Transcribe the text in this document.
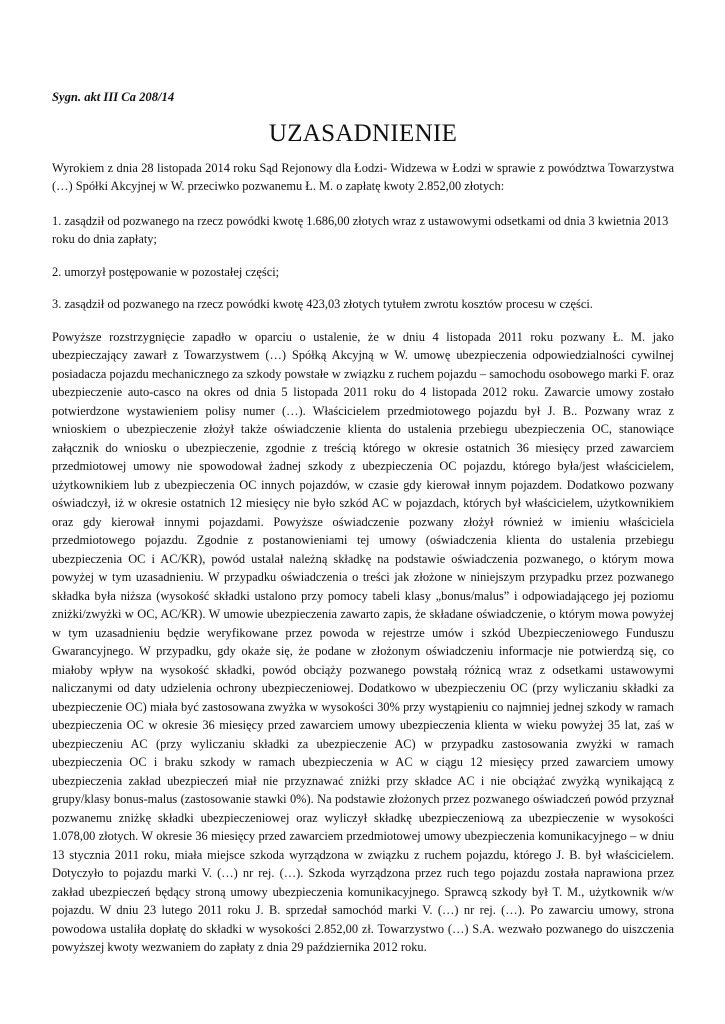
Sygn. akt III Ca 208/14
UZASADNIENIE

Wyrokiem z dnia 28 listopada 2014 roku Sąd Rejonowy dla Łodzi- Widzewa w Łodzi w sprawie z powództwa Towarzystwa (…) Spółki Akcyjnej w W. przeciwko pozwanemu Ł. M. o zapłatę kwoty 2.852,00 złotych:

1. zasądził od pozwanego na rzecz powódki kwotę 1.686,00 złotych wraz z ustawowymi odsetkami od dnia 3 kwietnia 2013 roku do dnia zapłaty;

2. umorzył postępowanie w pozostałej części;

3. zasądził od pozwanego na rzecz powódki kwotę 423,03 złotych tytułem zwrotu kosztów procesu w części.

Powyższe rozstrzygnięcie zapadło w oparciu o ustalenie, że w dniu 4 listopada 2011 roku pozwany Ł. M. jako ubezpieczający zawarł z Towarzystwem (…) Spółką Akcyjną w W. umowę ubezpieczenia odpowiedzialności cywilnej posiadacza pojazdu mechanicznego za szkody powstałe w związku z ruchem pojazdu – samochodu osobowego marki F. oraz ubezpieczenie auto-casco na okres od dnia 5 listopada 2011 roku do 4 listopada 2012 roku. Zawarcie umowy zostało potwierdzone wystawieniem polisy numer (…). Właścicielem przedmiotowego pojazdu był J. B.. Pozwany wraz z wnioskiem o ubezpieczenie złożył także oświadczenie klienta do ustalenia przebiegu ubezpieczenia OC, stanowiące załącznik do wniosku o ubezpieczenie, zgodnie z treścią którego w okresie ostatnich 36 miesięcy przed zawarciem przedmiotowej umowy nie spowodował żadnej szkody z ubezpieczenia OC pojazdu, którego była/jest właścicielem, użytkownikiem lub z ubezpieczenia OC innych pojazdów, w czasie gdy kierował innym pojazdem. Dodatkowo pozwany oświadczył, iż w okresie ostatnich 12 miesięcy nie było szkód AC w pojazdach, których był właścicielem, użytkownikiem oraz gdy kierował innymi pojazdami. Powyższe oświadczenie pozwany złożył również w imieniu właściciela przedmiotowego pojazdu. Zgodnie z postanowieniami tej umowy (oświadczenia klienta do ustalenia przebiegu ubezpieczenia OC i AC/KR), powód ustalał należną składkę na podstawie oświadczenia pozwanego, o którym mowa powyżej w tym uzasadnieniu. W przypadku oświadczenia o treści jak złożone w niniejszym przypadku przez pozwanego składka była niższa (wysokość składki ustalono przy pomocy tabeli klasy „bonus/malus” i odpowiadającego jej poziomu zniżki/zwyżki w OC, AC/KR). W umowie ubezpieczenia zawarto zapis, że składane oświadczenie, o którym mowa powyżej w tym uzasadnieniu będzie weryfikowane przez powoda w rejestrze umów i szkód Ubezpieczeniowego Funduszu Gwarancyjnego. W przypadku, gdy okaże się, że podane w złożonym oświadczeniu informacje nie potwierdzą się, co miałoby wpływ na wysokość składki, powód obciąży pozwanego powstałą różnicą wraz z odsetkami ustawowymi naliczanymi od daty udzielenia ochrony ubezpieczeniowej. Dodatkowo w ubezpieczeniu OC (przy wyliczaniu składki za ubezpieczenie OC) miała być zastosowana zwyżka w wysokości 30% przy wystąpieniu co najmniej jednej szkody w ramach ubezpieczenia OC w okresie 36 miesięcy przed zawarciem umowy ubezpieczenia klienta w wieku powyżej 35 lat, zaś w ubezpieczeniu AC (przy wyliczaniu składki za ubezpieczenie AC) w przypadku zastosowania zwyżki w ramach ubezpieczenia OC i braku szkody w ramach ubezpieczenia w AC w ciągu 12 miesięcy przed zawarciem umowy ubezpieczenia zakład ubezpieczeń miał nie przyznawać zniżki przy składce AC i nie obciążać zwyżką wynikającą z grupy/klasy bonus-malus (zastosowanie stawki 0%). Na podstawie złożonych przez pozwanego oświadczeń powód przyznał pozwanemu zniżkę składki ubezpieczeniowej oraz wyliczył składkę ubezpieczeniową za ubezpieczenie w wysokości 1.078,00 złotych. W okresie 36 miesięcy przed zawarciem przedmiotowej umowy ubezpieczenia komunikacyjnego – w dniu 13 stycznia 2011 roku, miała miejsce szkoda wyrządzona w związku z ruchem pojazdu, którego J. B. był właścicielem. Dotyczyło to pojazdu marki V. (…) nr rej. (…). Szkoda wyrządzona przez ruch tego pojazdu została naprawiona przez zakład ubezpieczeń będący stroną umowy ubezpieczenia komunikacyjnego. Sprawcą szkody był T. M., użytkownik w/w pojazdu. W dniu 23 lutego 2011 roku J. B. sprzedał samochód marki V. (…) nr rej. (…). Po zawarciu umowy, strona powodowa ustaliła dopłatę do składki w wysokości 2.852,00 zł. Towarzystwo (…) S.A. wezwało pozwanego do uiszczenia powyższej kwoty wezwaniem do zapłaty z dnia 29 października 2012 roku.
